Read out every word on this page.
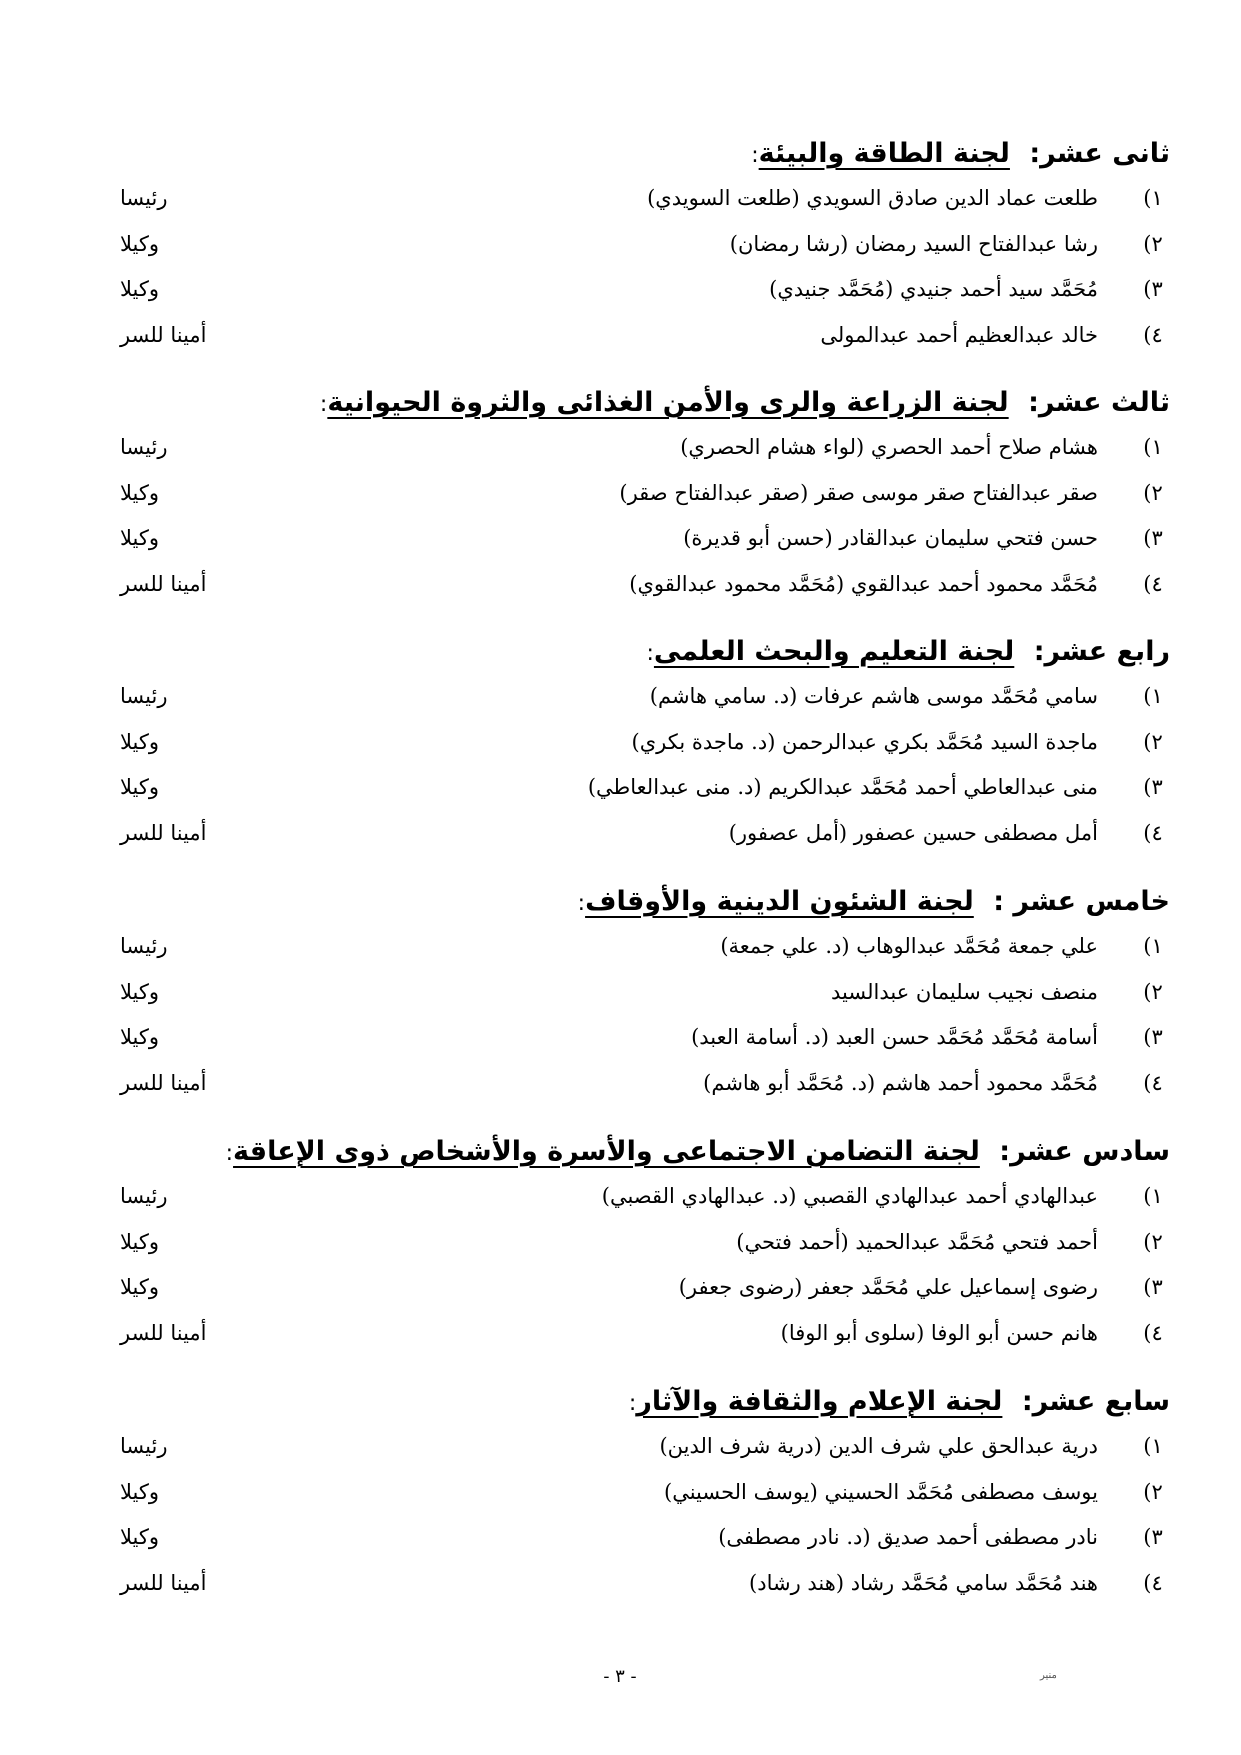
ثانى عشر: لجنة الطاقة والبيئة:
١)
طلعت عماد الدين صادق السويدي (طلعت السويدي)
رئيسا
٢)
رشا عبدالفتاح السيد رمضان (رشا رمضان)
وكيلا
٣)
مُحَمَّد سيد أحمد جنيدي (مُحَمَّد جنيدي)
وكيلا
٤)
خالد عبدالعظيم أحمد عبدالمولى
أمينا للسر
ثالث عشر: لجنة الزراعة والرى والأمن الغذائى والثروة الحيوانية:
١)
هشام صلاح أحمد الحصري (لواء هشام الحصري)
رئيسا
٢)
صقر عبدالفتاح صقر موسى صقر (صقر عبدالفتاح صقر)
وكيلا
٣)
حسن فتحي سليمان عبدالقادر (حسن أبو قديرة)
وكيلا
٤)
مُحَمَّد محمود أحمد عبدالقوي (مُحَمَّد محمود عبدالقوي)
أمينا للسر
رابع عشر: لجنة التعليم والبحث العلمى:
١)
سامي مُحَمَّد موسى هاشم عرفات (د. سامي هاشم)
رئيسا
٢)
ماجدة السيد مُحَمَّد بكري عبدالرحمن (د. ماجدة بكري)
وكيلا
٣)
منى عبدالعاطي أحمد مُحَمَّد عبدالكريم (د. منى عبدالعاطي)
وكيلا
٤)
أمل مصطفى حسين عصفور (أمل عصفور)
أمينا للسر
خامس عشر : لجنة الشئون الدينية والأوقاف:
١)
علي جمعة مُحَمَّد عبدالوهاب (د. علي جمعة)
رئيسا
٢)
منصف نجيب سليمان عبدالسيد
وكيلا
٣)
أسامة مُحَمَّد مُحَمَّد حسن العبد (د. أسامة العبد)
وكيلا
٤)
مُحَمَّد محمود أحمد هاشم (د. مُحَمَّد أبو هاشم)
أمينا للسر
سادس عشر: لجنة التضامن الاجتماعى والأسرة والأشخاص ذوى الإعاقة:
١)
عبدالهادي أحمد عبدالهادي القصبي (د. عبدالهادي القصبي)
رئيسا
٢)
أحمد فتحي مُحَمَّد عبدالحميد (أحمد فتحي)
وكيلا
٣)
رضوى إسماعيل علي مُحَمَّد جعفر (رضوى جعفر)
وكيلا
٤)
هانم حسن أبو الوفا (سلوى أبو الوفا)
أمينا للسر
سابع عشر: لجنة الإعلام والثقافة والآثار:
١)
درية عبدالحق علي شرف الدين (درية شرف الدين)
رئيسا
٢)
يوسف مصطفى مُحَمَّد الحسيني (يوسف الحسيني)
وكيلا
٣)
نادر مصطفى أحمد صديق (د. نادر مصطفى)
وكيلا
٤)
هند مُحَمَّد سامي مُحَمَّد رشاد (هند رشاد)
أمينا للسر
- ٣ -	منير
